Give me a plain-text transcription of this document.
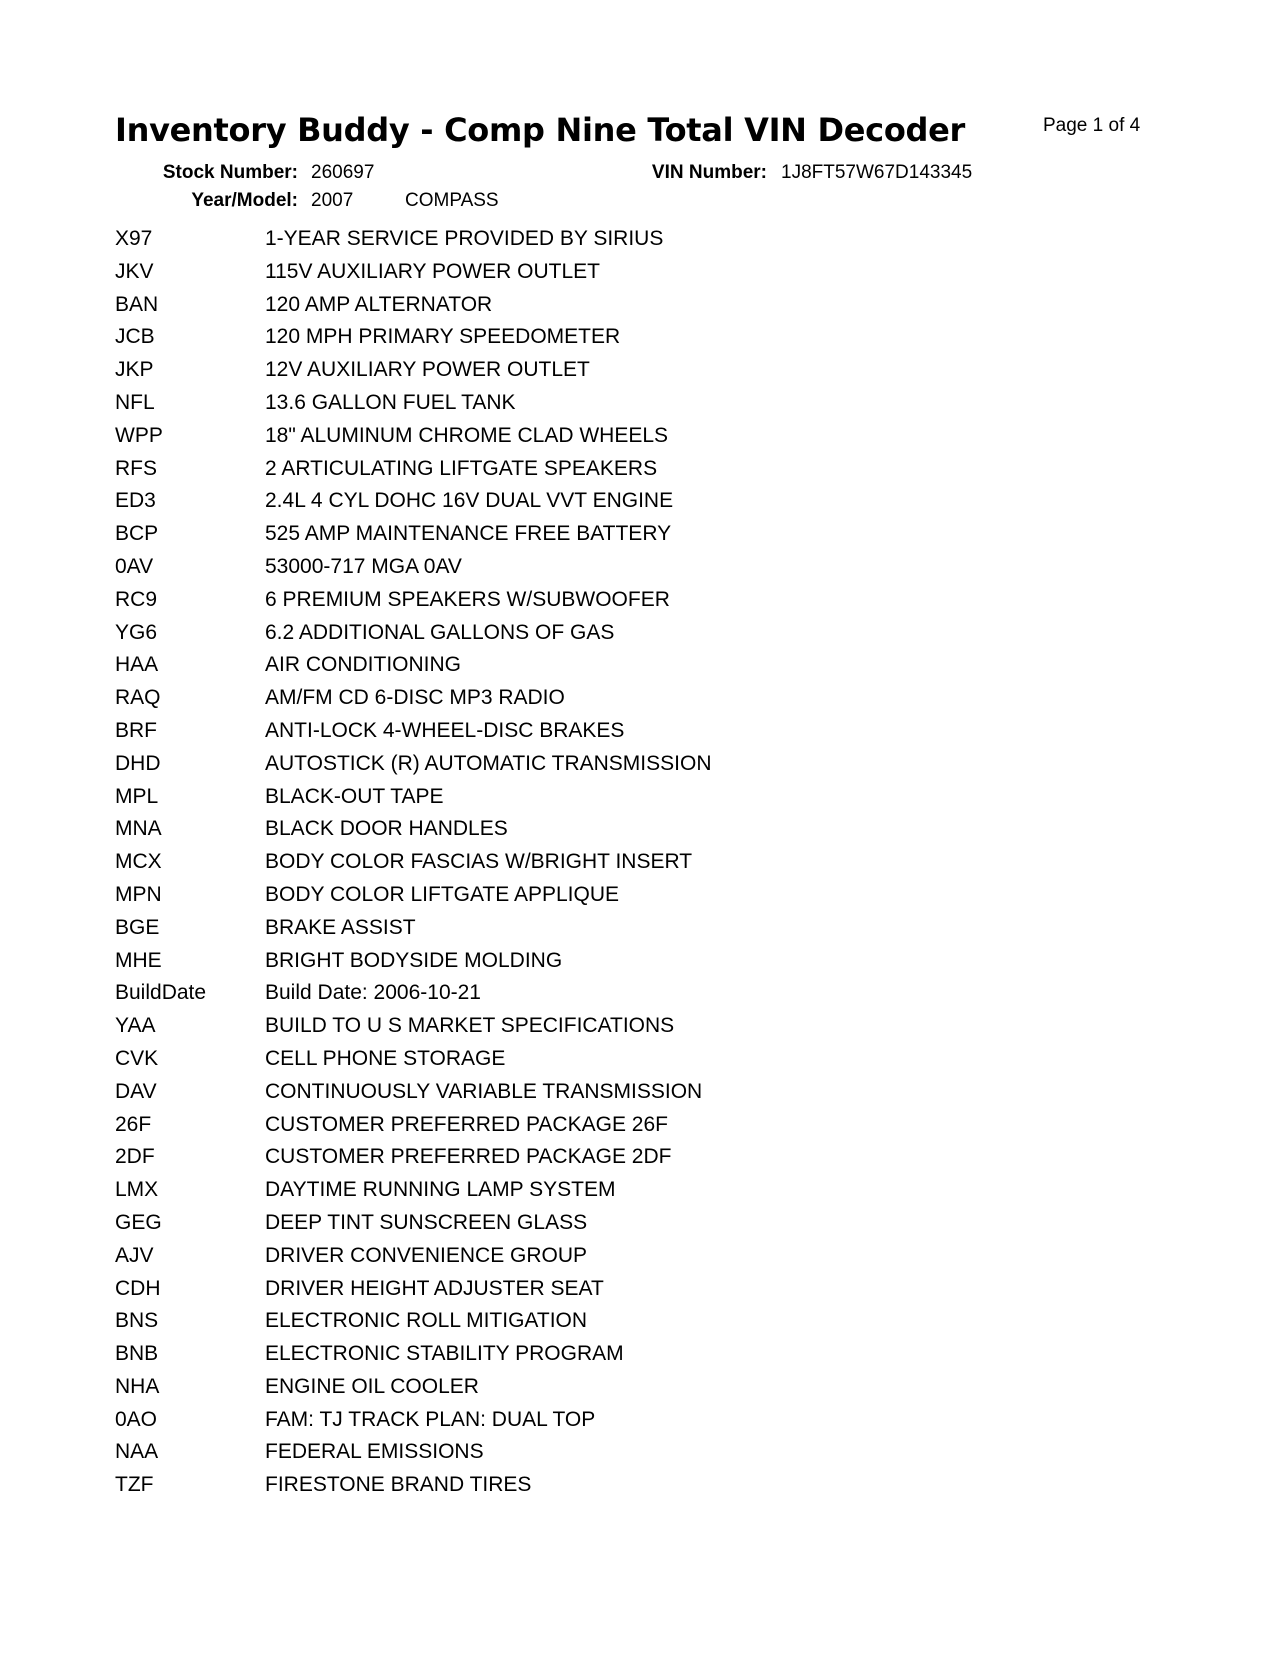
Inventory Buddy - Comp Nine Total VIN Decoder	Page 1 of 4
Stock Number: 260697	VIN Number: 1J8FT57W67D143345
Year/Model: 2007	COMPASS
X97	1-YEAR SERVICE PROVIDED BY SIRIUS
JKV	115V AUXILIARY POWER OUTLET
BAN	120 AMP ALTERNATOR
JCB	120 MPH PRIMARY SPEEDOMETER
JKP	12V AUXILIARY POWER OUTLET
NFL	13.6 GALLON FUEL TANK
WPP	18" ALUMINUM CHROME CLAD WHEELS
RFS	2 ARTICULATING LIFTGATE SPEAKERS
ED3	2.4L 4 CYL DOHC 16V DUAL VVT ENGINE
BCP	525 AMP MAINTENANCE FREE BATTERY
0AV	53000-717 MGA 0AV
RC9	6 PREMIUM SPEAKERS W/SUBWOOFER
YG6	6.2 ADDITIONAL GALLONS OF GAS
HAA	AIR CONDITIONING
RAQ	AM/FM CD 6-DISC MP3 RADIO
BRF	ANTI-LOCK 4-WHEEL-DISC BRAKES
DHD	AUTOSTICK (R) AUTOMATIC TRANSMISSION
MPL	BLACK-OUT TAPE
MNA	BLACK DOOR HANDLES
MCX	BODY COLOR FASCIAS W/BRIGHT INSERT
MPN	BODY COLOR LIFTGATE APPLIQUE
BGE	BRAKE ASSIST
MHE	BRIGHT BODYSIDE MOLDING
BuildDate	Build Date: 2006-10-21
YAA	BUILD TO U S MARKET SPECIFICATIONS
CVK	CELL PHONE STORAGE
DAV	CONTINUOUSLY VARIABLE TRANSMISSION
26F	CUSTOMER PREFERRED PACKAGE 26F
2DF	CUSTOMER PREFERRED PACKAGE 2DF
LMX	DAYTIME RUNNING LAMP SYSTEM
GEG	DEEP TINT SUNSCREEN GLASS
AJV	DRIVER CONVENIENCE GROUP
CDH	DRIVER HEIGHT ADJUSTER SEAT
BNS	ELECTRONIC ROLL MITIGATION
BNB	ELECTRONIC STABILITY PROGRAM
NHA	ENGINE OIL COOLER
0AO	FAM: TJ TRACK PLAN: DUAL TOP
NAA	FEDERAL EMISSIONS
TZF	FIRESTONE BRAND TIRES
